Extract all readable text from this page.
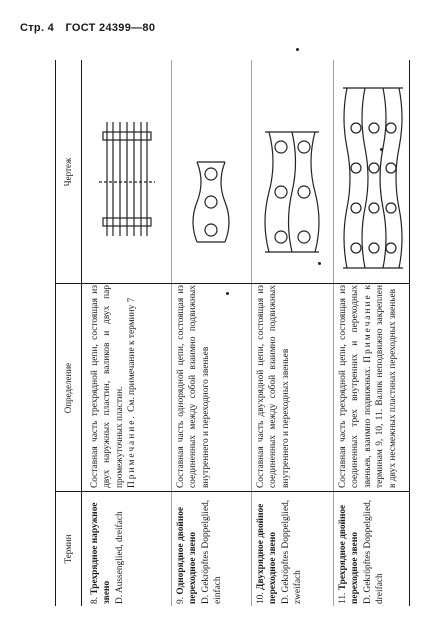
Стр. 4 ГОСТ 24399—80
Термин
Определение
Чертеж
8. Трехрядное наружное звено D. Aussenglied, dreifach
Составная часть трехрядной цепи, состоящая из двух наружных пластин, валиков и двух пар промежуточных пластин. Примечание. См. примечание к термину 7
9. Однорядное двойное переходное звено D. Gekröpftes Doppelglied, einfach
Составная часть однорядной цепи, состоящая из соединенных между собой взаимно подвижных внутреннего и переходного звеньев
10. Двухрядное двойное переходное звено D. Gekröpftes Doppelglied, zweifach
Составная часть двухрядной цепи, состоящая из соединенных между собой взаимно подвижных внутреннего и переходных звеньев
11. Трехрядное двойное переходное звено D. Gekröpftes Doppelglied, dreifach
Составная часть трехрядной цепи, состоящая из соединенных трех внутренних и переходных звеньев, взаимно подвижных. Примечание к терминам 9, 10, 11. Валик неподвижно закреплен в двух несмежных пластинах переходных звеньев
